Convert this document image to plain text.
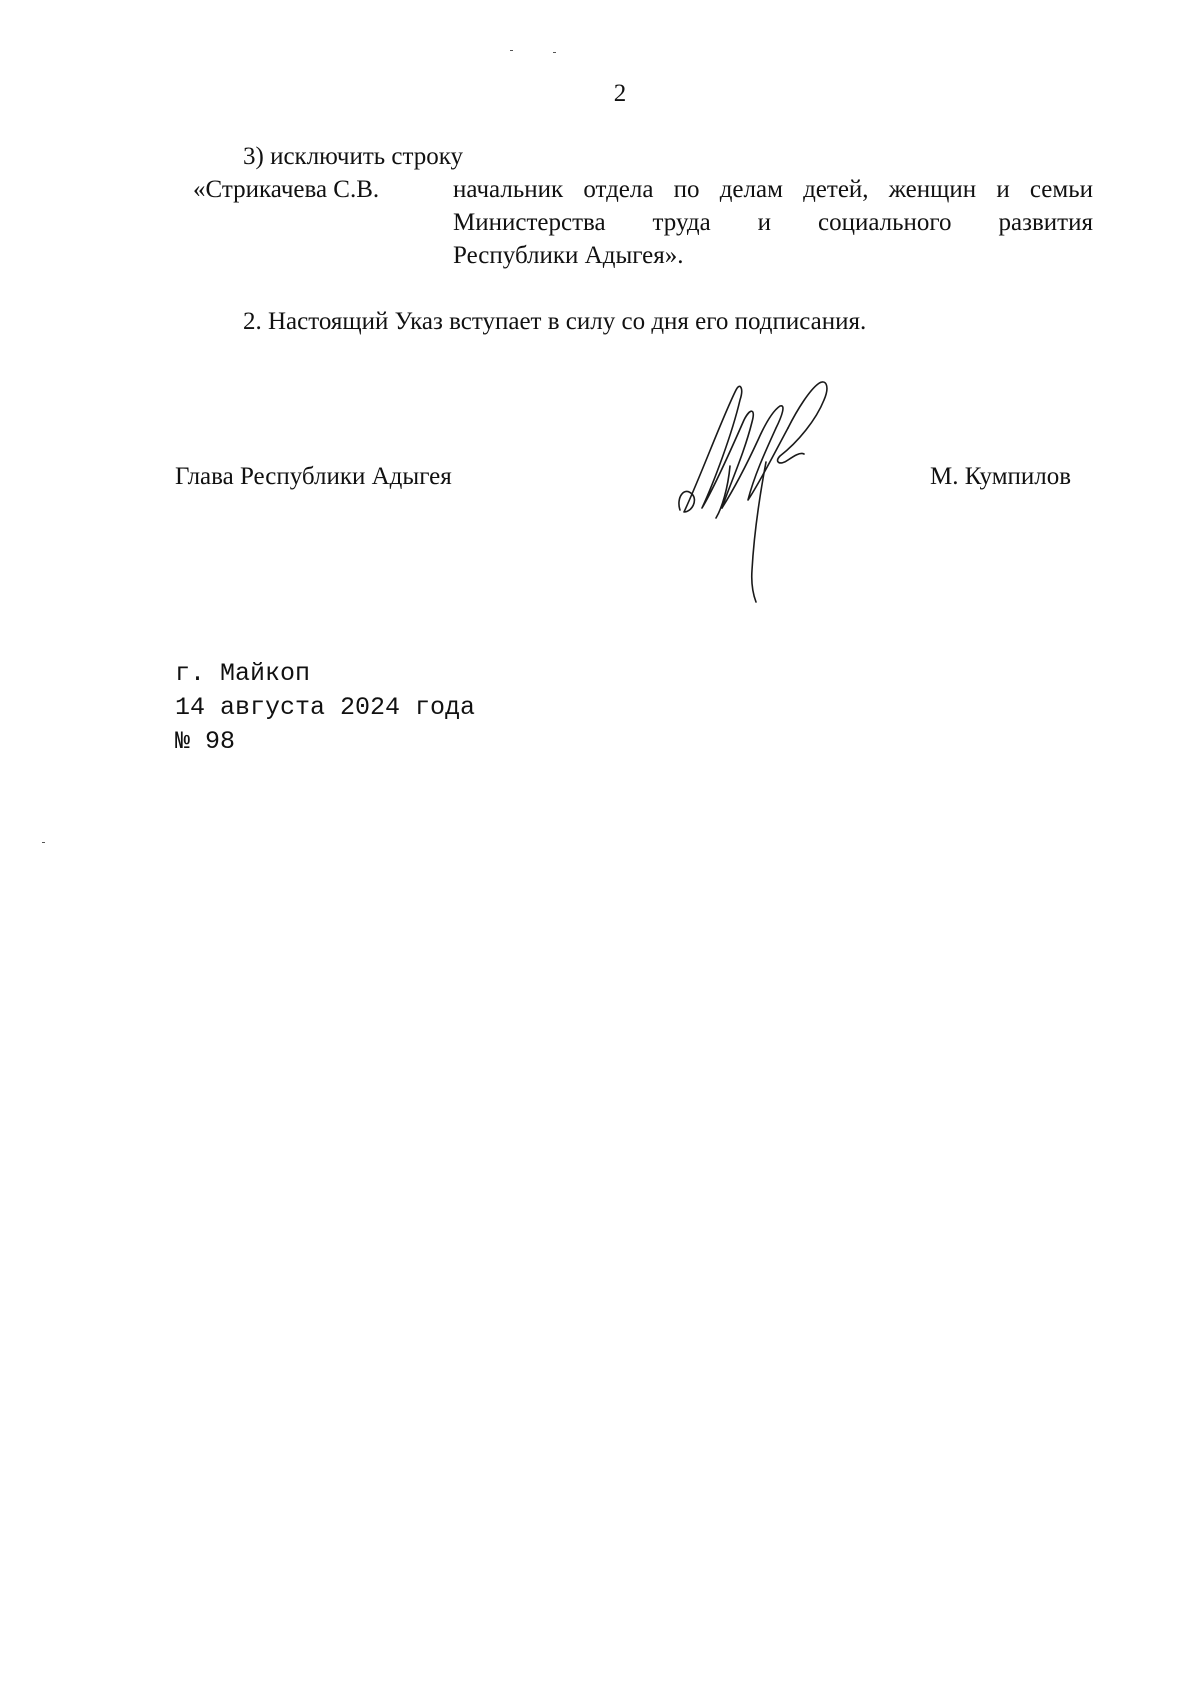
2
3) исключить строку
«Стрикачева С.В.	начальник отдела по делам детей, женщин и семьи
Министерства труда и социального развития
Республики Адыгея».
2. Настоящий Указ вступает в силу со дня его подписания.
Глава Республики Адыгея	М. Кумпилов
г. Майкоп
14 августа 2024 года
№ 98
